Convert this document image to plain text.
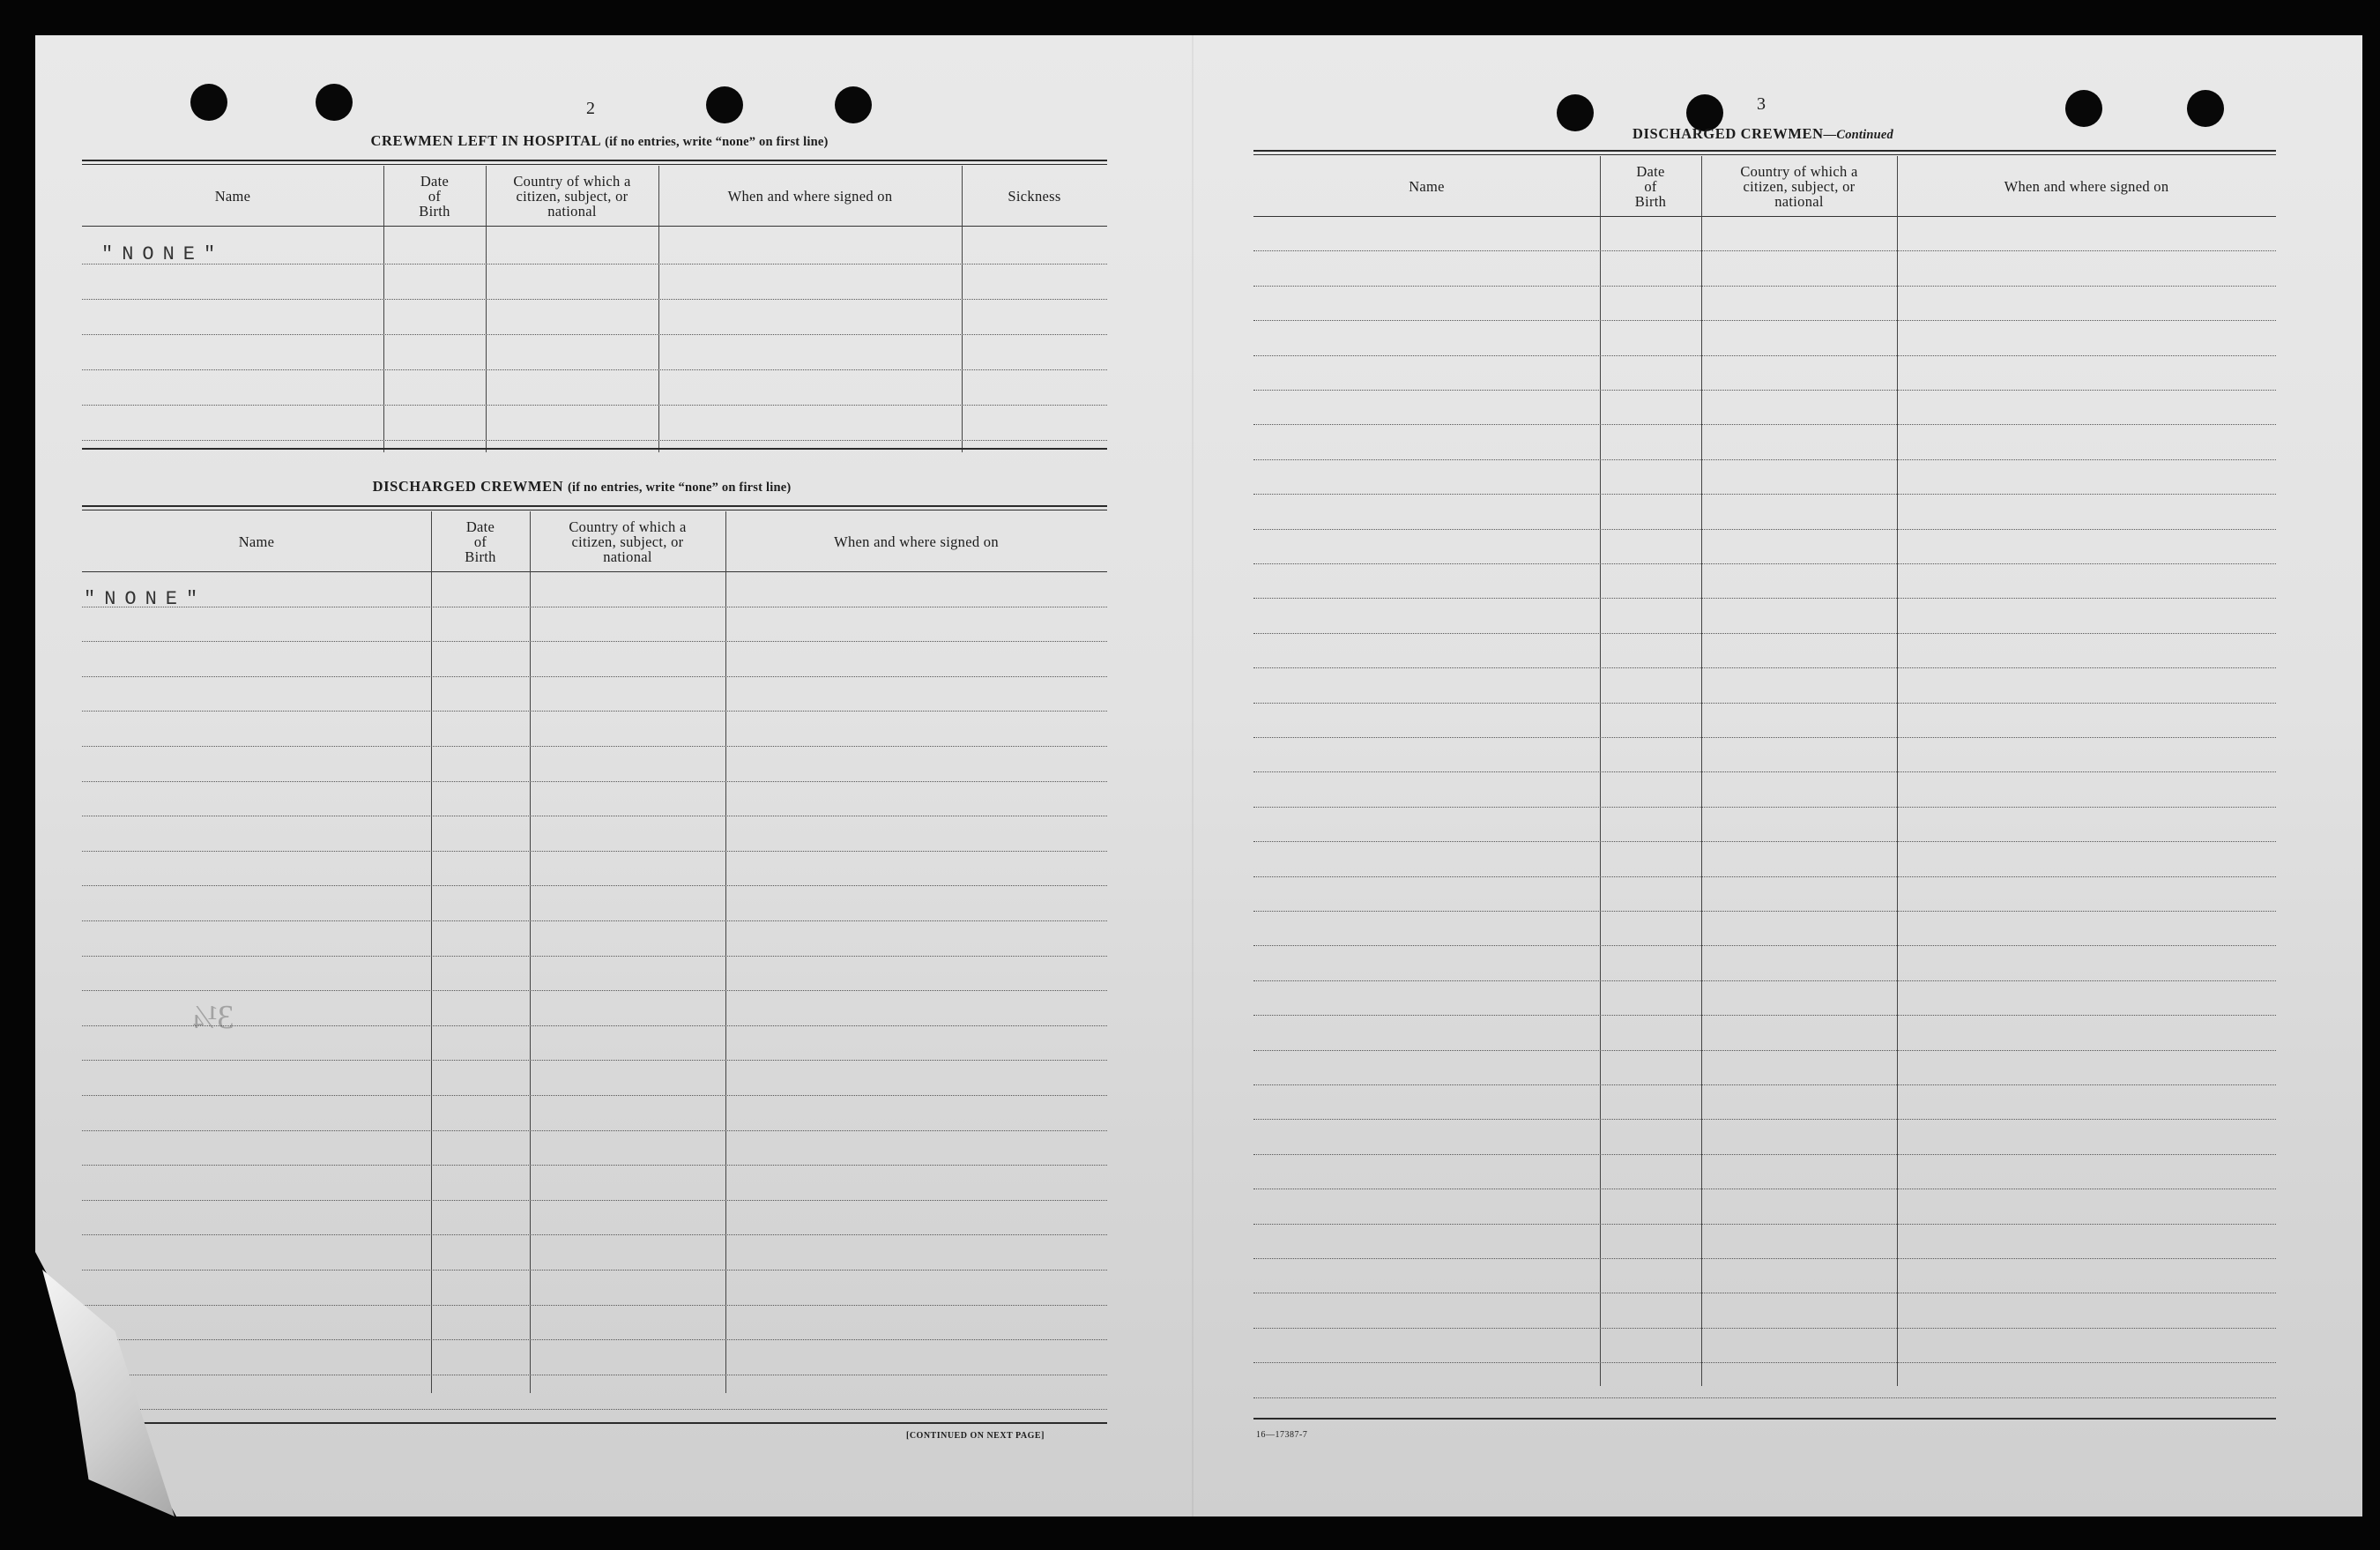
2
CREWMEN LEFT IN HOSPITAL (if no entries, write “none” on first line)
Name
Date
of
Birth
Country of which a
citizen, subject, or
national
When and where signed on	Sickness
"NONE"
DISCHARGED CREWMEN (if no entries, write “none” on first line)
Name
Date
of
Birth
Country of which a
citizen, subject, or
national
When and where signed on
"NONE"
3¼
[CONTINUED ON NEXT PAGE]
3
DISCHARGED CREWMEN—Continued
Name
Date
of
Birth
Country of which a
citizen, subject, or
national
When and where signed on
16—17387-7
